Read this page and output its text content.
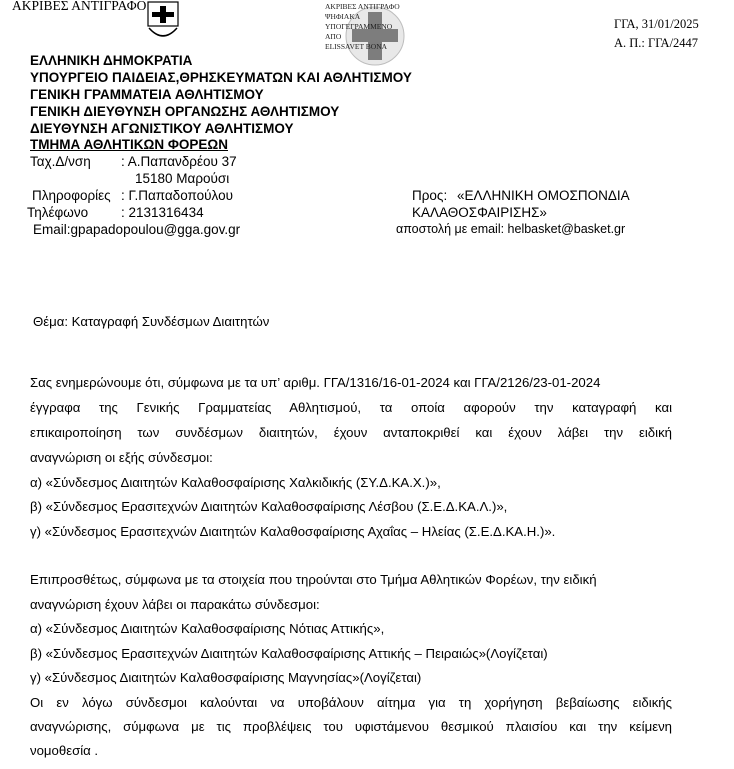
ΑΚΡΙΒΕΣ ΑΝΤΙΓΡΑΦΟ	ΑΚΡΙΒΕΣ ΑΝΤΙΓΡΑΦΟ
ΨΗΦΙΑΚΑ
ΥΠΟΓΕΓΡΑΜΜΕΝΟ
ΑΠΟ
ELISSAVET BONA
ΓΓΑ, 31/01/2025
Α. Π.: ΓΓΑ/2447
ΕΛΛΗΝΙΚΗ ΔΗΜΟΚΡΑΤΙΑ
ΥΠΟΥΡΓΕΙΟ ΠΑΙΔΕΙΑΣ,ΘΡΗΣΚΕΥΜΑΤΩΝ ΚΑΙ ΑΘΛΗΤΙΣΜΟΥ
ΓΕΝΙΚΗ ΓΡΑΜΜΑΤΕΙΑ ΑΘΛΗΤΙΣΜΟΥ
ΓΕΝΙΚΗ ΔΙΕΥΘΥΝΣΗ ΟΡΓΑΝΩΣΗΣ ΑΘΛΗΤΙΣΜΟΥ
ΔΙΕΥΘΥΝΣΗ ΑΓΩΝΙΣΤΙΚΟΥ ΑΘΛΗΤΙΣΜΟΥ
ΤΜΗΜΑ ΑΘΛΗΤΙΚΩΝ ΦΟΡΕΩΝ
Ταχ.Δ/νση : Α.Παπανδρέου 37
15180 Μαρούσι
Πληροφορίες : Γ.Παπαδοπούλου
Τηλέφωνο : 2131316434
Email:gpapadopoulou@gga.gov.gr
Προς: «ΕΛΛΗΝΙΚΗ ΟΜΟΣΠΟΝΔΙΑ
ΚΑΛΑΘΟΣΦΑΙΡΙΣΗΣ»
αποστολή με email: helbasket@basket.gr
Θέμα: Καταγραφή Συνδέσμων Διαιτητών
Σας ενημερώνουμε ότι, σύμφωνα με τα υπ’ αριθμ. ΓΓΑ/1316/16-01-2024 και ΓΓΑ/2126/23-01-2024
έγγραφα της Γενικής Γραμματείας Αθλητισμού, τα οποία αφορούν την καταγραφή και
επικαιροποίηση των συνδέσμων διαιτητών, έχουν ανταποκριθεί και έχουν λάβει την ειδική
αναγνώριση οι εξής σύνδεσμοι:
α) «Σύνδεσμος Διαιτητών Καλαθοσφαίρισης Χαλκιδικής (ΣΥ.Δ.ΚΑ.Χ.)»,
β) «Σύνδεσμος Ερασιτεχνών Διαιτητών Καλαθοσφαίρισης Λέσβου (Σ.Ε.Δ.ΚΑ.Λ.)»,
γ) «Σύνδεσμος Ερασιτεχνών Διαιτητών Καλαθοσφαίρισης Αχαΐας – Ηλείας (Σ.Ε.Δ.ΚΑ.Η.)».
Επιπροσθέτως, σύμφωνα με τα στοιχεία που τηρούνται στο Τμήμα Αθλητικών Φορέων, την ειδική
αναγνώριση έχουν λάβει οι παρακάτω σύνδεσμοι:
α) «Σύνδεσμος Διαιτητών Καλαθοσφαίρισης Νότιας Αττικής»,
β) «Σύνδεσμος Ερασιτεχνών Διαιτητών Καλαθοσφαίρισης Αττικής – Πειραιώς»(Λογίζεται)
γ) «Σύνδεσμος Διαιτητών Καλαθοσφαίρισης Μαγνησίας»(Λογίζεται)
Οι εν λόγω σύνδεσμοι καλούνται να υποβάλουν αίτημα για τη χορήγηση βεβαίωσης ειδικής
αναγνώρισης, σύμφωνα με τις προβλέψεις του υφιστάμενου θεσμικού πλαισίου και την κείμενη
νομοθεσία .
